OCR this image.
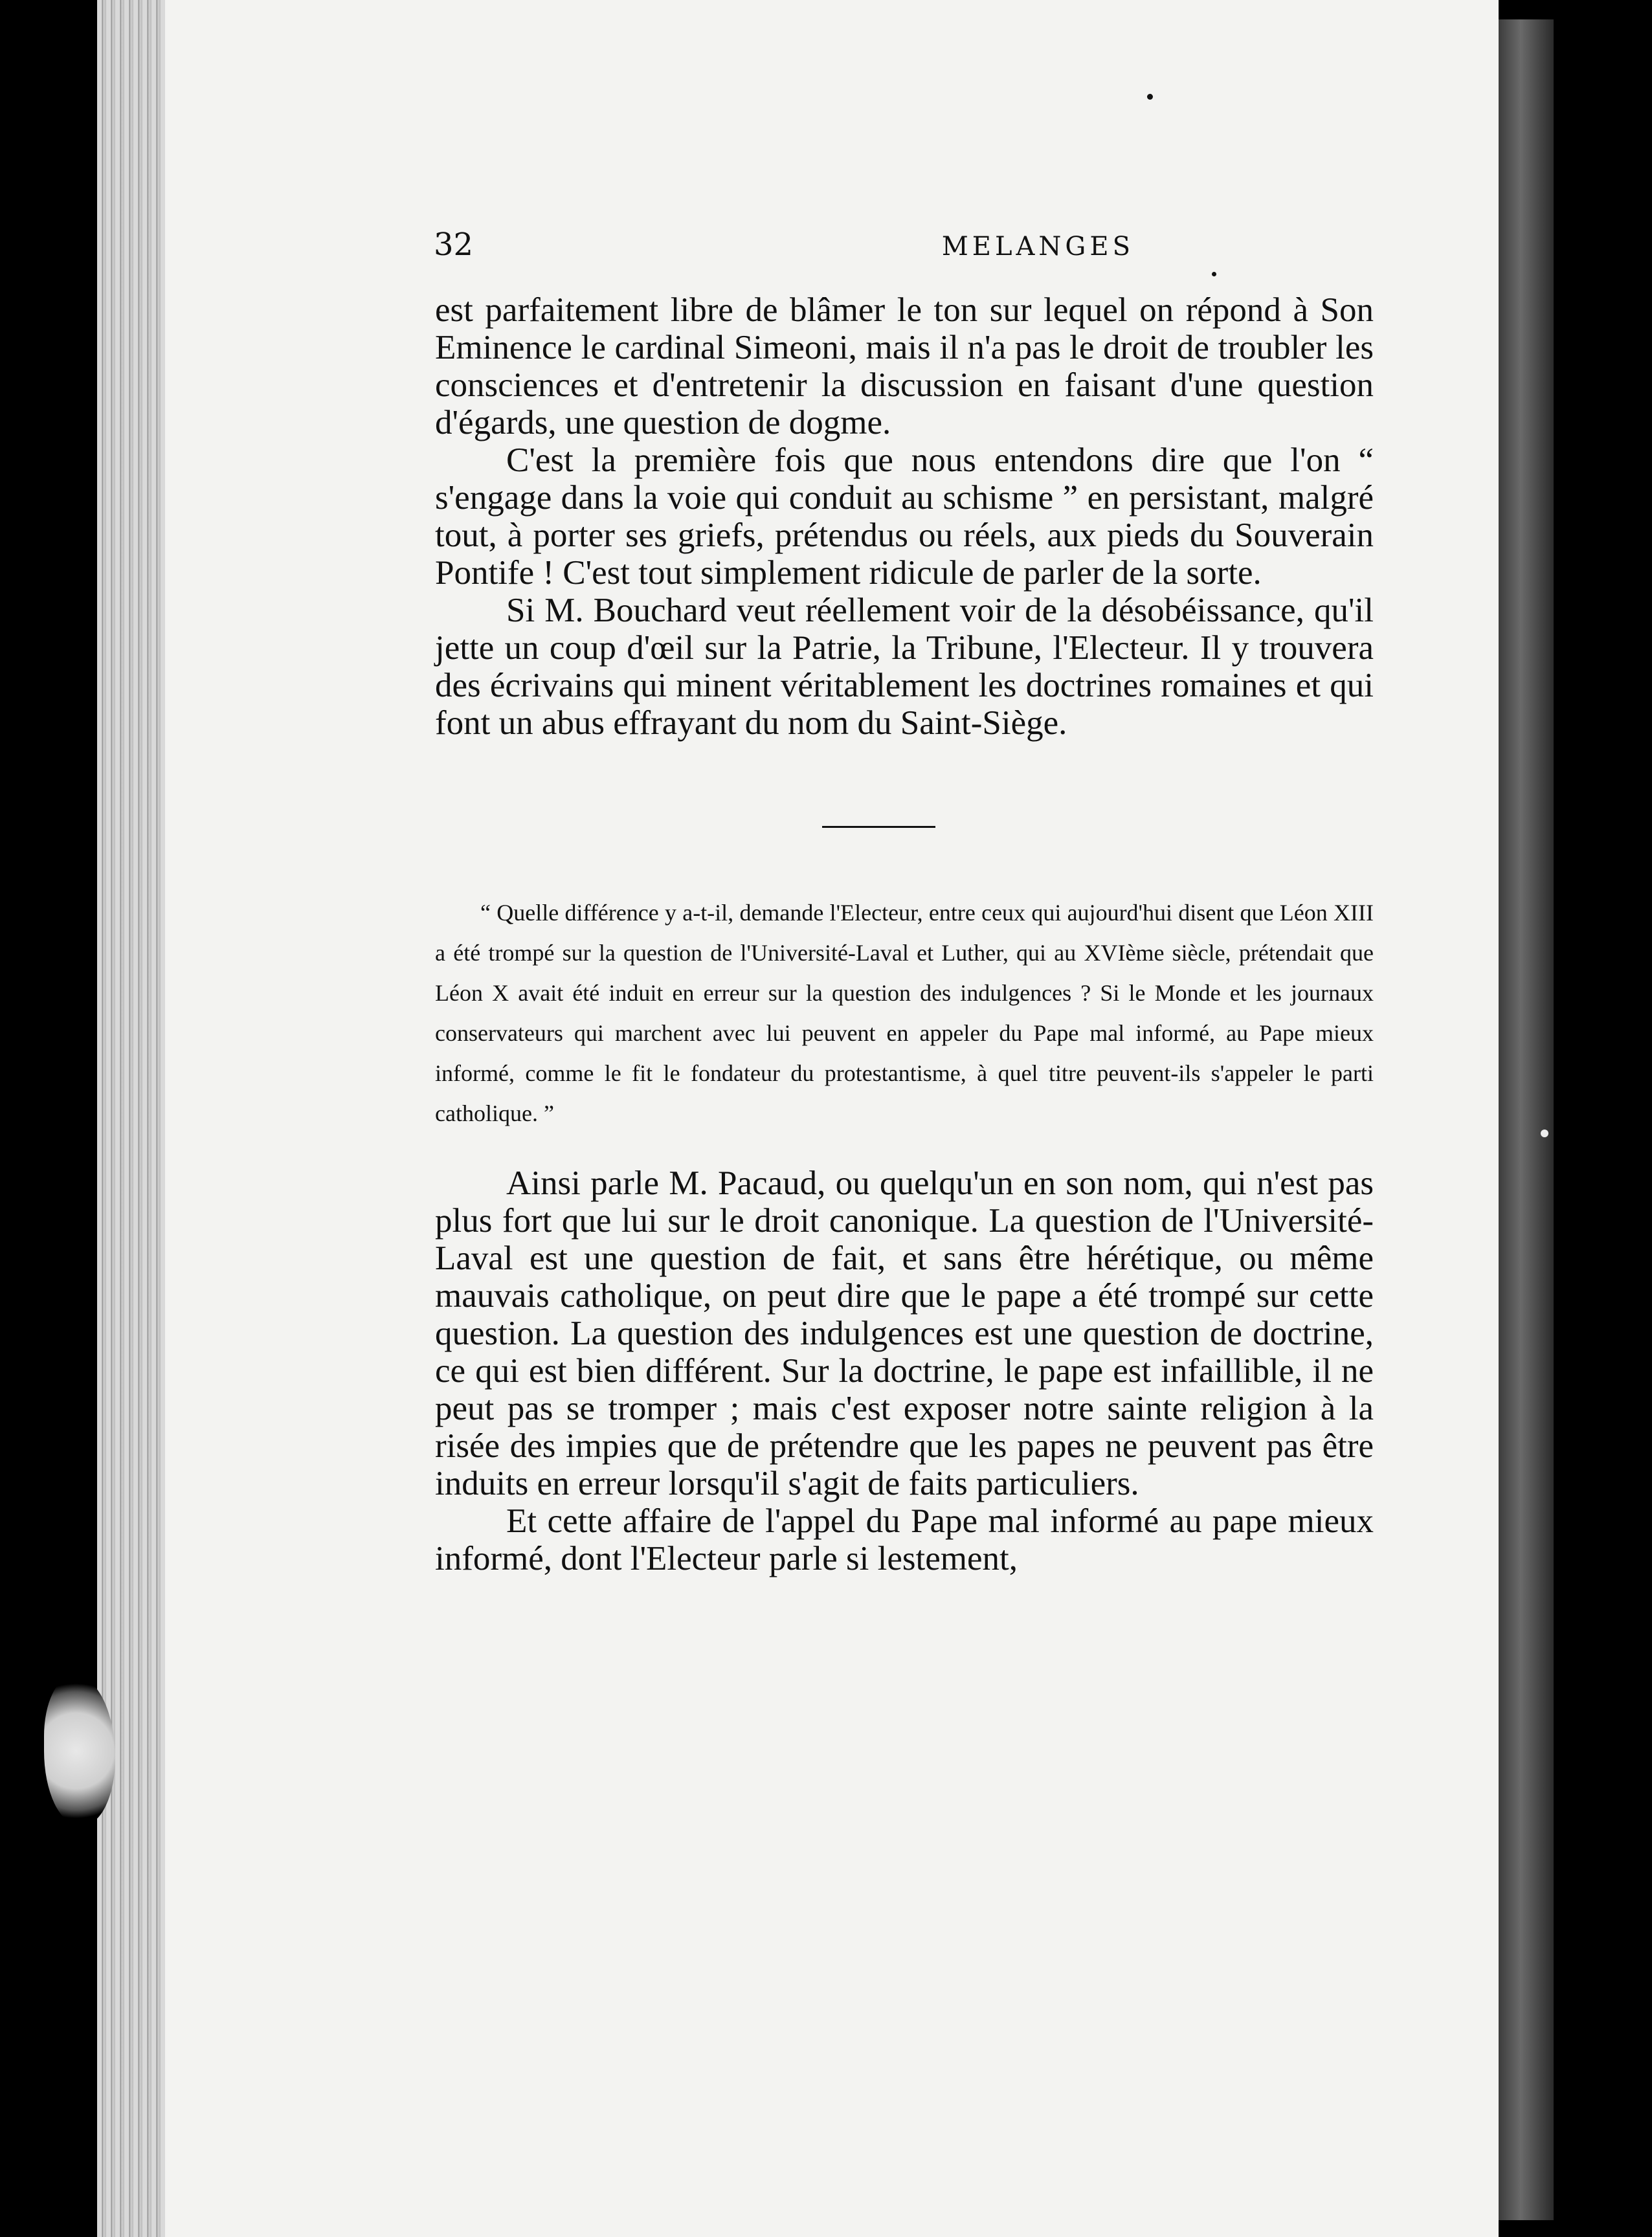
32	MELANGES

est parfaitement libre de blâmer le ton sur lequel on répond à Son Eminence le cardinal Simeoni, mais il n'a pas le droit de troubler les consciences et d'entretenir la discussion en faisant d'une question d'égards, une question de dogme.

C'est la première fois que nous entendons dire que l'on “ s'engage dans la voie qui conduit au schisme ” en persistant, malgré tout, à porter ses griefs, prétendus ou réels, aux pieds du Souverain Pontife ! C'est tout simplement ridicule de parler de la sorte.

Si M. Bouchard veut réellement voir de la désobéissance, qu'il jette un coup d'œil sur la Patrie, la Tribune, l'Electeur. Il y trouvera des écrivains qui minent véritablement les doctrines romaines et qui font un abus effrayant du nom du Saint-Siège.

“ Quelle différence y a-t-il, demande l'Electeur, entre ceux qui aujourd'hui disent que Léon XIII a été trompé sur la question de l'Université-Laval et Luther, qui au XVIème siècle, prétendait que Léon X avait été induit en erreur sur la question des indulgences ? Si le Monde et les journaux conservateurs qui marchent avec lui peuvent en appeler du Pape mal informé, au Pape mieux informé, comme le fit le fondateur du protestantisme, à quel titre peuvent-ils s'appeler le parti catholique. ”

Ainsi parle M. Pacaud, ou quelqu'un en son nom, qui n'est pas plus fort que lui sur le droit canonique. La question de l'Université-Laval est une question de fait, et sans être hérétique, ou même mauvais catholique, on peut dire que le pape a été trompé sur cette question. La question des indulgences est une question de doctrine, ce qui est bien différent. Sur la doctrine, le pape est infaillible, il ne peut pas se tromper ; mais c'est exposer notre sainte religion à la risée des impies que de prétendre que les papes ne peuvent pas être induits en erreur lorsqu'il s'agit de faits particuliers.

Et cette affaire de l'appel du Pape mal informé au pape mieux informé, dont l'Electeur parle si lestement,
